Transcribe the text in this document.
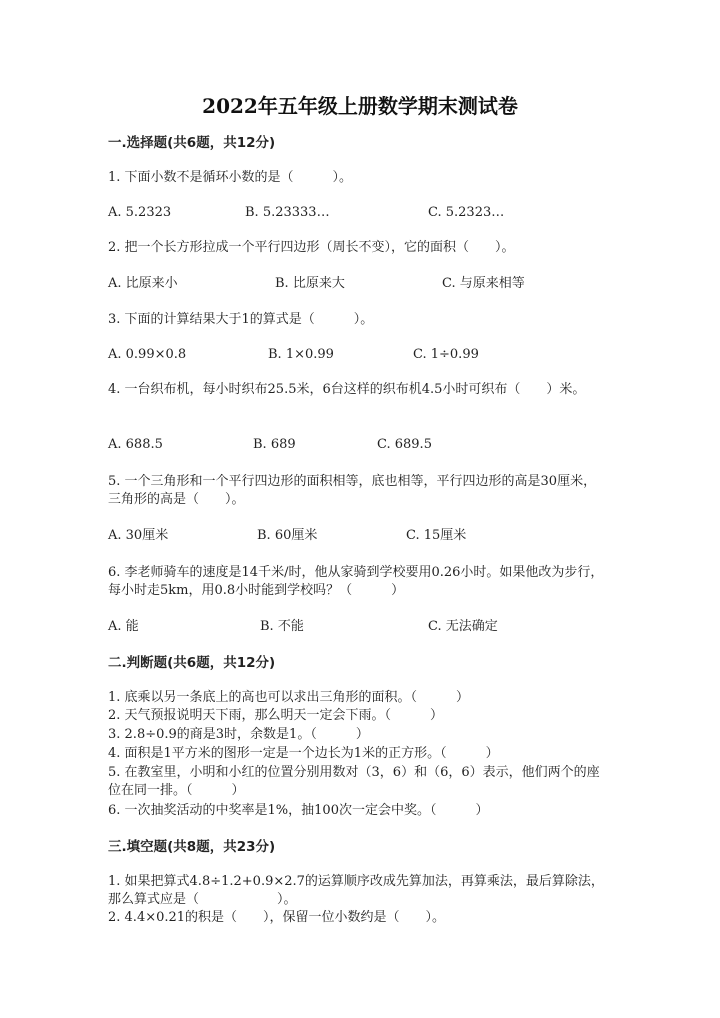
2022年五年级上册数学期末测试卷
一.选择题(共6题，共12分)
1. 下面小数不是循环小数的是（　　　）。
A. 5.2323	B. 5.23333…	C. 5.2323…
2. 把一个长方形拉成一个平行四边形（周长不变），它的面积（　　）。
A. 比原来小	B. 比原来大	C. 与原来相等
3. 下面的计算结果大于1的算式是（　　　）。
A. 0.99×0.8	B. 1×0.99	C. 1÷0.99
4. 一台织布机，每小时织布25.5米，6台这样的织布机4.5小时可织布（　　）米。
A. 688.5	B. 689	C. 689.5
5. 一个三角形和一个平行四边形的面积相等，底也相等，平行四边形的高是30厘米，三角形的高是（　　）。
A. 30厘米	B. 60厘米	C. 15厘米
6. 李老师骑车的速度是14千米/时，他从家骑到学校要用0.26小时。如果他改为步行，每小时走5km，用0.8小时能到学校吗？（　　　）
A. 能	B. 不能	C. 无法确定
二.判断题(共6题，共12分)
1. 底乘以另一条底上的高也可以求出三角形的面积。（　　　）
2. 天气预报说明天下雨，那么明天一定会下雨。（　　　）
3. 2.8÷0.9的商是3时，余数是1。（　　　）
4. 面积是1平方米的图形一定是一个边长为1米的正方形。（　　　）
5. 在教室里，小明和小红的位置分别用数对（3，6）和（6，6）表示，他们两个的座位在同一排。（　　　）
6. 一次抽奖活动的中奖率是1%，抽100次一定会中奖。（　　　）
三.填空题(共8题，共23分)
1. 如果把算式4.8÷1.2+0.9×2.7的运算顺序改成先算加法，再算乘法，最后算除法，那么算式应是（　　　　　　）。
2. 4.4×0.21的积是（　　），保留一位小数约是（　　）。
